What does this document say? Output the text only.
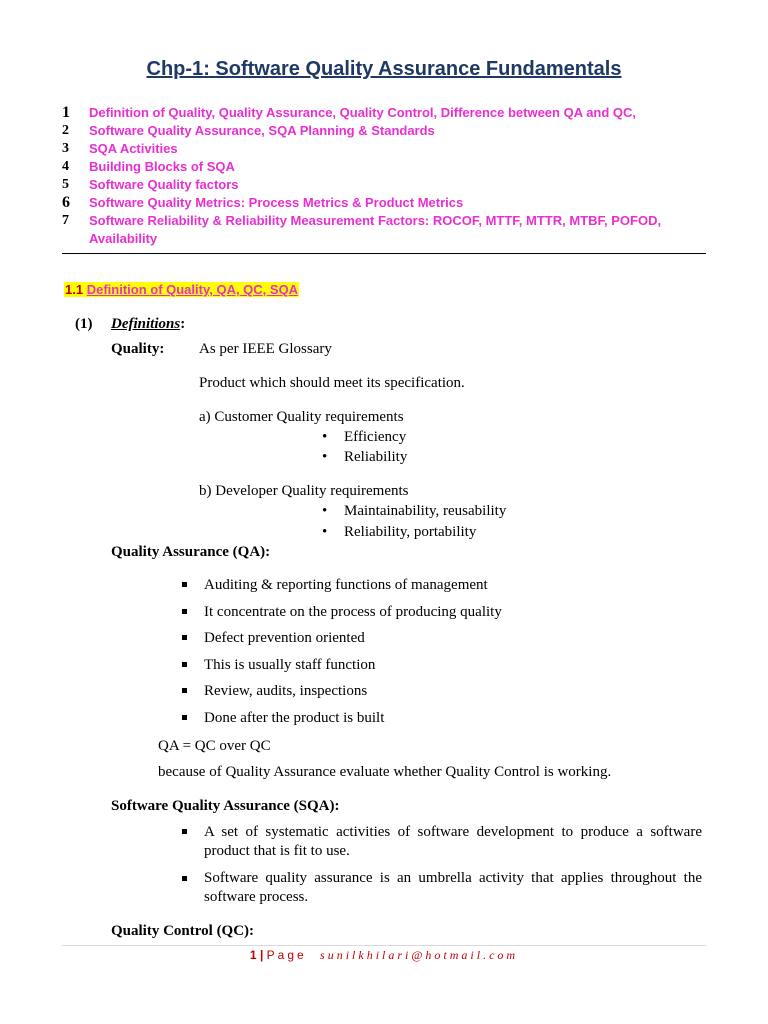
Chp-1: Software Quality Assurance Fundamentals
1	Definition of Quality, Quality Assurance, Quality Control, Difference between QA and QC,
2	Software Quality Assurance, SQA Planning & Standards
3	SQA Activities
4	Building Blocks of SQA
5	Software Quality factors
6	Software Quality Metrics: Process Metrics & Product Metrics
7	Software Reliability & Reliability Measurement Factors: ROCOF, MTTF, MTTR, MTBF, POFOD, Availability
1.1 Definition of Quality, QA, QC, SQA
(1) Definitions:
Quality: As per IEEE Glossary
Product which should meet its specification.
a) Customer Quality requirements
• Efficiency
• Reliability
b) Developer Quality requirements
• Maintainability, reusability
• Reliability, portability
Quality Assurance (QA):
Auditing & reporting functions of management
It concentrate on the process of producing quality
Defect prevention oriented
This is usually staff function
Review, audits, inspections
Done after the product is built
QA = QC over QC
because of Quality Assurance evaluate whether Quality Control is working.
Software Quality Assurance (SQA):
A set of systematic activities of software development to produce a software product that is fit to use.
Software quality assurance is an umbrella activity that applies throughout the software process.
Quality Control (QC):
1 | Page sunilkhilari@hotmail.com
